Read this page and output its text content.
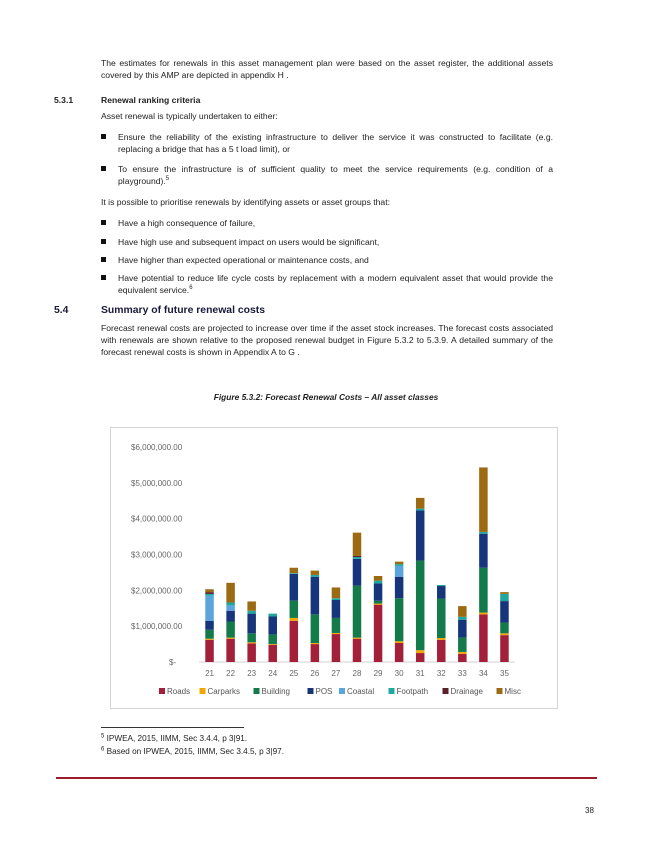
The estimates for renewals in this asset management plan were based on the asset register, the additional assets covered by this AMP are depicted in appendix H .

5.3.1	Renewal ranking criteria

Asset renewal is typically undertaken to either:

Ensure the reliability of the existing infrastructure to deliver the service it was constructed to facilitate (e.g. replacing a bridge that has a 5 t load limit), or
To ensure the infrastructure is of sufficient quality to meet the service requirements (e.g. condition of a playground).$^5$

It is possible to prioritise renewals by identifying assets or asset groups that:

Have a high consequence of failure,
Have high use and subsequent impact on users would be significant,
Have higher than expected operational or maintenance costs, and
Have potential to reduce life cycle costs by replacement with a modern equivalent asset that would provide the equivalent service.$^6$
5.4	Summary of future renewal costs

Forecast renewal costs are projected to increase over time if the asset stock increases. The forecast costs associated with renewals are shown relative to the proposed renewal budget in Figure 5.3.2 to 5.3.9. A detailed summary of the forecast renewal costs is shown in Appendix A to G .

Figure 5.3.2: Forecast Renewal Costs – All asset classes
$-
$1,000,000.00
$2,000,000.00
$3,000,000.00
$4,000,000.00
$5,000,000.00
$6,000,000.00
21 22 23 24 25 26 27 28 29 30 31 32 33 34 35
Roads Carparks	Building	POS Coastal	Footpath	Drainage	Misc
$^5$ IPWEA, 2015, IIMM, Sec 3.4.4, p 3|91.
$^6$ Based on IPWEA, 2015, IIMM, Sec 3.4.5, p 3|97.
38
